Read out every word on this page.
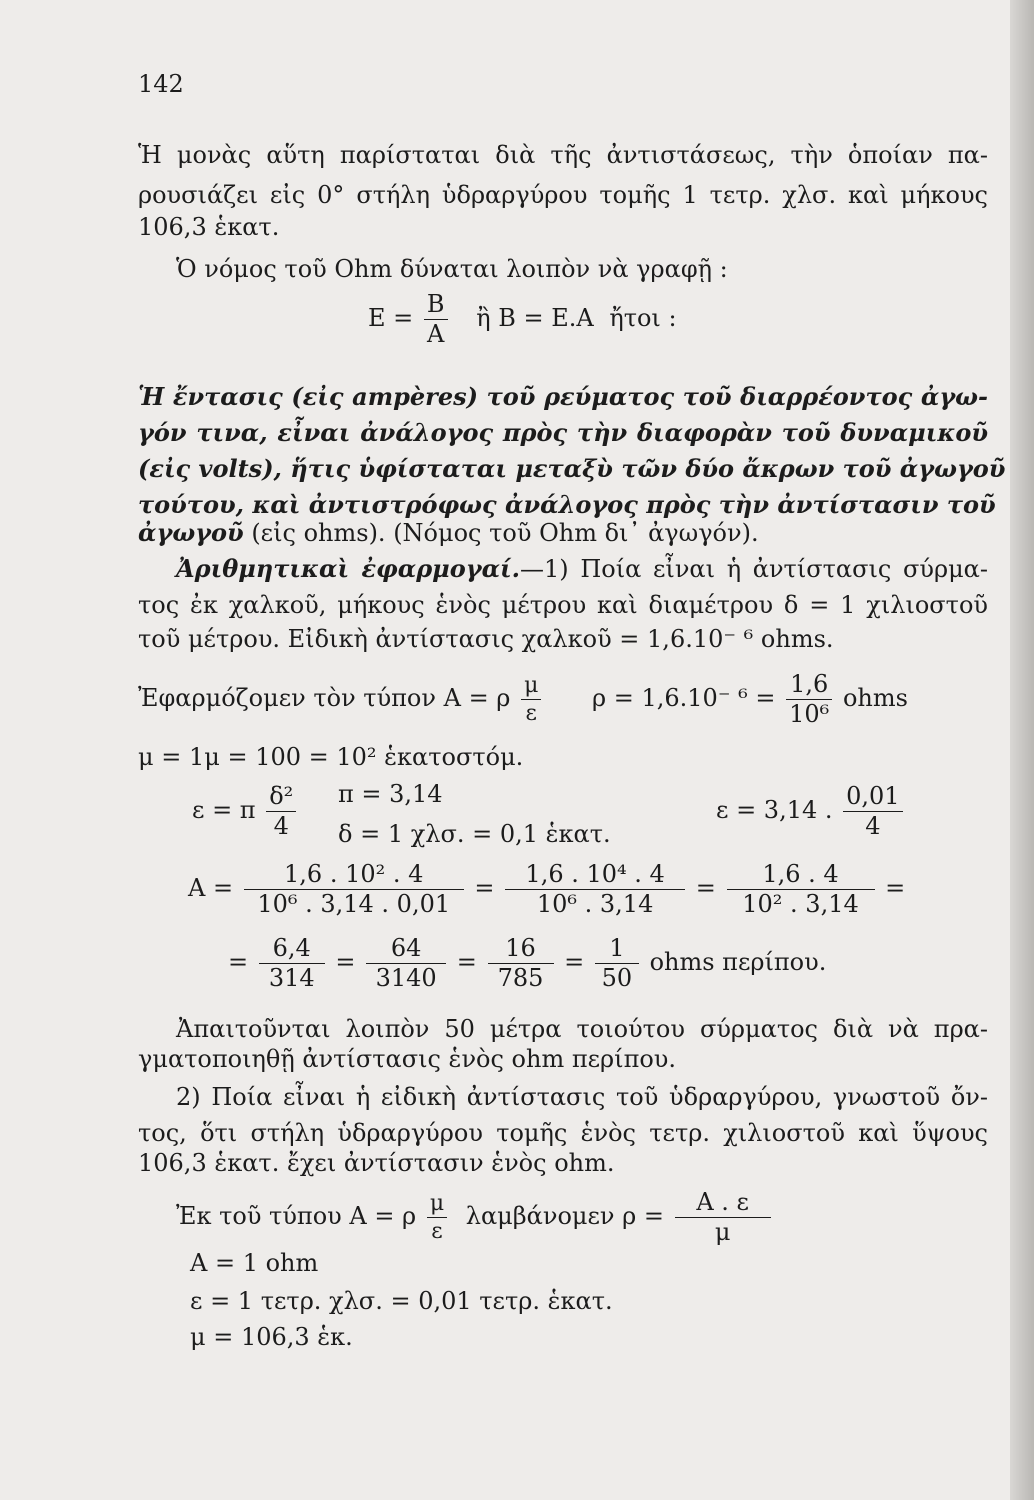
142
Ἡ μονὰς αὕτη παρίσταται διὰ τῆς ἀντιστάσεως, τὴν ὁποίαν πα-
ρουσιάζει εἰς 0° στήλη ὑδραργύρου τομῆς 1 τετρ. χλσ. καὶ μήκους
106,3 ἑκατ.
Ὁ νόμος τοῦ Ohm δύναται λοιπὸν νὰ γραφῇ :
$E = \frac{B}{A}$ ἢ B = E.A ἤτοι :
Ἡ ἔντασις (εἰς ampères) τοῦ ρεύματος τοῦ διαρρέοντος ἀγω-
γόν τινα, εἶναι ἀνάλογος πρὸς τὴν διαφορὰν τοῦ δυναμικοῦ
(εἰς volts), ἥτις ὑφίσταται μεταξὺ τῶν δύο ἄκρων τοῦ ἀγωγοῦ
τούτου, καὶ ἀντιστρόφως ἀνάλογος πρὸς τὴν ἀντίστασιν τοῦ
ἀγωγοῦ (εἰς ohms). (Νόμος τοῦ Ohm δι᾽ ἀγωγόν).
Ἀριθμητικαὶ ἐφαρμογαί.—1) Ποία εἶναι ἡ ἀντίστασις σύρμα-
τος ἐκ χαλκοῦ, μήκους ἑνὸς μέτρου καὶ διαμέτρου δ = 1 χιλιοστοῦ
τοῦ μέτρου. Εἰδικὴ ἀντίστασις χαλκοῦ = 1,6.10⁻ ⁶ ohms.
Ἐφαρμόζομεν τὸν τύπον A = ρ $\frac{\mu}{\varepsilon}$ ρ = 1,6.10⁻ $^6 = \frac{1,6}{\text{10⁶}}$ ohms
μ = 1μ = 100 = 10² ἑκατοστόμ.
ε = π $\frac{\text{δ²}}{4}$ π = 3,14
δ = 1 χλσ. = 0,1 ἑκατ.
ε = 3,14 . $\frac{0,01}{4}$
$A = \frac{\text{1,6 . 10² . 4}}{\text{10⁶ . 3,14 . 0,01}} = \frac{\text{1,6 . 10⁴ . 4}}{\text{10⁶ . 3,14}} = \frac{1,6 . 4}{\text{10² . 3,14}}$ =
= $\frac{6,4}{314} = \frac{64}{3140} = \frac{16}{785} = \frac{1}{50}$ ohms περίπου.
Ἀπαιτοῦνται λοιπὸν 50 μέτρα τοιούτου σύρματος διὰ νὰ πρα-
γματοποιηθῇ ἀντίστασις ἑνὸς ohm περίπου.
2) Ποία εἶναι ἡ εἰδικὴ ἀντίστασις τοῦ ὑδραργύρου, γνωστοῦ ὄν-
τος, ὅτι στήλη ὑδραργύρου τομῆς ἑνὸς τετρ. χιλιοστοῦ καὶ ὕψους
106,3 ἑκατ. ἔχει ἀντίστασιν ἑνὸς ohm.
Ἐκ τοῦ τύπου A = ρ $\frac{\mu}{\varepsilon}$ λαμβάνομεν $\rho = \frac{A . \varepsilon}{\mu}$
A = 1 ohm
ε = 1 τετρ. χλσ. = 0,01 τετρ. ἑκατ.
μ = 106,3 ἑκ.
